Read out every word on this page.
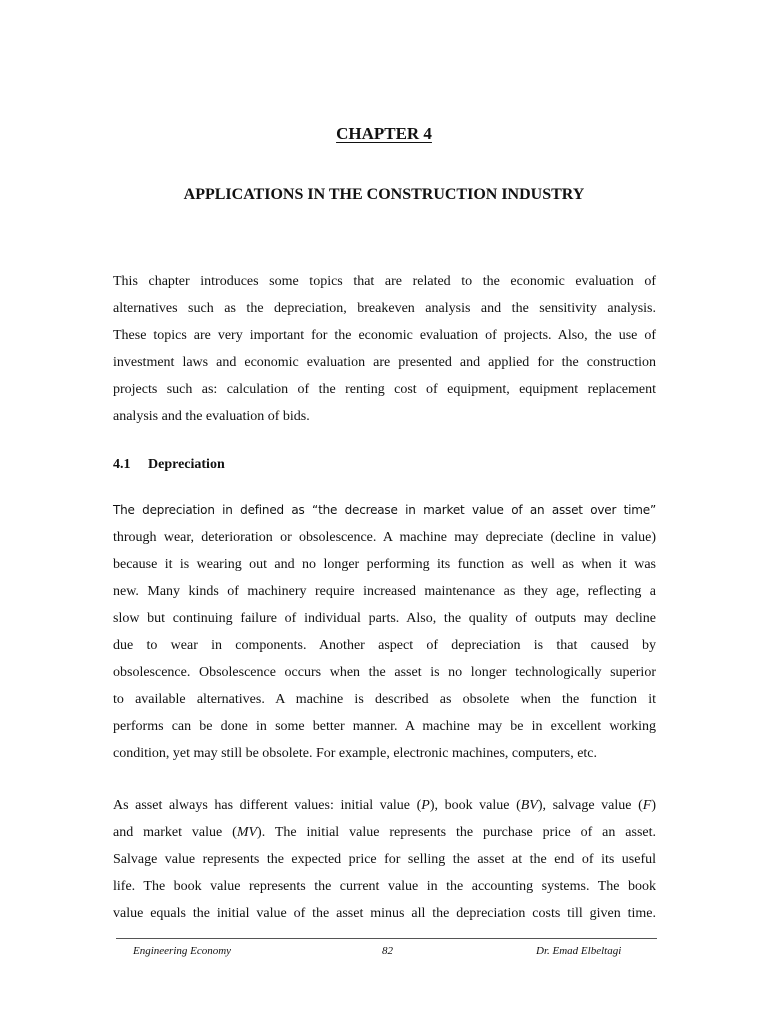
CHAPTER 4
APPLICATIONS IN THE CONSTRUCTION INDUSTRY
This chapter introduces some topics that are related to the economic evaluation of
alternatives such as the depreciation, breakeven analysis and the sensitivity analysis.
These topics are very important for the economic evaluation of projects. Also, the use of
investment laws and economic evaluation are presented and applied for the construction
projects such as: calculation of the renting cost of equipment, equipment replacement
analysis and the evaluation of bids.
4.1 Depreciation
The depreciation in defined as “the decrease in market value of an asset over time”
through wear, deterioration or obsolescence. A machine may depreciate (decline in value)
because it is wearing out and no longer performing its function as well as when it was
new. Many kinds of machinery require increased maintenance as they age, reflecting a
slow but continuing failure of individual parts. Also, the quality of outputs may decline
due to wear in components. Another aspect of depreciation is that caused by
obsolescence. Obsolescence occurs when the asset is no longer technologically superior
to available alternatives. A machine is described as obsolete when the function it
performs can be done in some better manner. A machine may be in excellent working
condition, yet may still be obsolete. For example, electronic machines, computers, etc.
As asset always has different values: initial value (P), book value (BV), salvage value (F)
and market value (MV). The initial value represents the purchase price of an asset.
Salvage value represents the expected price for selling the asset at the end of its useful
life. The book value represents the current value in the accounting systems. The book
value equals the initial value of the asset minus all the depreciation costs till given time.
Engineering Economy	82	Dr. Emad Elbeltagi
